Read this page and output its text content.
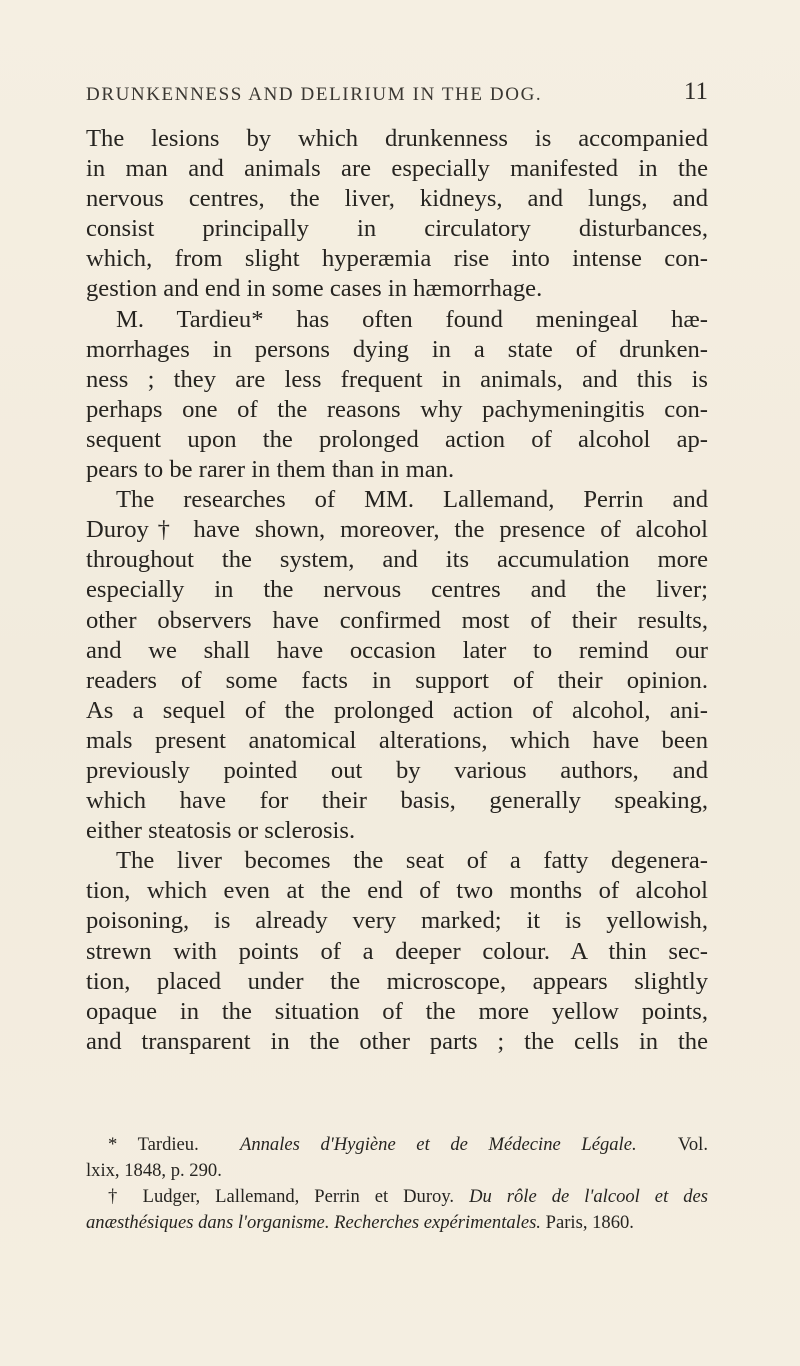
DRUNKENNESS AND DELIRIUM IN THE DOG.	11
The lesions by which drunkenness is accompanied
in man and animals are especially manifested in the
nervous centres, the liver, kidneys, and lungs, and
consist principally in circulatory disturbances,
which, from slight hyperæmia rise into intense con-
gestion and end in some cases in hæmorrhage.
M. Tardieu* has often found meningeal hæ-
morrhages in persons dying in a state of drunken-
ness ; they are less frequent in animals, and this is
perhaps one of the reasons why pachymeningitis con-
sequent upon the prolonged action of alcohol ap-
pears to be rarer in them than in man.
The researches of MM. Lallemand, Perrin and
Duroy† have shown, moreover, the presence of alcohol
throughout the system, and its accumulation more
especially in the nervous centres and the liver;
other observers have confirmed most of their results,
and we shall have occasion later to remind our
readers of some facts in support of their opinion.
As a sequel of the prolonged action of alcohol, ani-
mals present anatomical alterations, which have been
previously pointed out by various authors, and
which have for their basis, generally speaking,
either steatosis or sclerosis.
The liver becomes the seat of a fatty degenera-
tion, which even at the end of two months of alcohol
poisoning, is already very marked; it is yellowish,
strewn with points of a deeper colour. A thin sec-
tion, placed under the microscope, appears slightly
opaque in the situation of the more yellow points,
and transparent in the other parts ; the cells in the
* Tardieu. Annales d'Hygiène et de Médecine Légale. Vol.
lxix, 1848, p. 290.
† Ludger, Lallemand, Perrin et Duroy. Du rôle de l'alcool et des
anæsthésiques dans l'organisme. Recherches expérimentales. Paris, 1860.
